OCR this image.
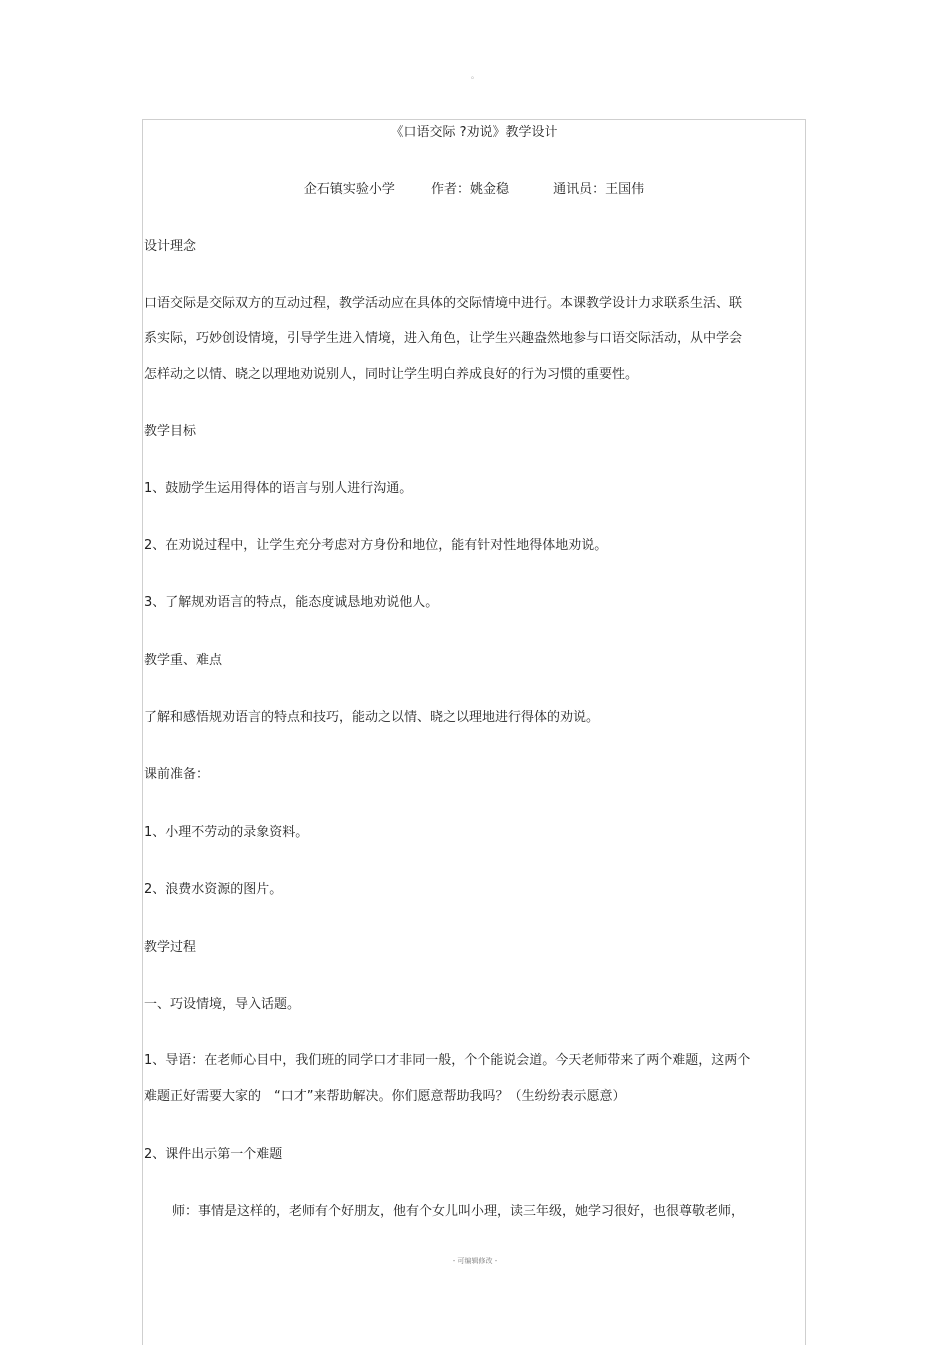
。
《口语交际 ?劝说》教学设计
企石镇实验小学	作者：姚金稳	通讯员：王国伟
设计理念
口语交际是交际双方的互动过程，教学活动应在具体的交际情境中进行。本课教学设计力求联系生活、联
系实际，巧妙创设情境，引导学生进入情境，进入角色，让学生兴趣盎然地参与口语交际活动，从中学会
怎样动之以情、晓之以理地劝说别人，同时让学生明白养成良好的行为习惯的重要性。
教学目标
1、鼓励学生运用得体的语言与别人进行沟通。
2、在劝说过程中，让学生充分考虑对方身份和地位，能有针对性地得体地劝说。
3、了解规劝语言的特点，能态度诚恳地劝说他人。
教学重、难点
了解和感悟规劝语言的特点和技巧，能动之以情、晓之以理地进行得体的劝说。
课前准备：
1、小理不劳动的录象资料。
2、浪费水资源的图片。
教学过程
一、巧设情境，导入话题。
1、导语：在老师心目中，我们班的同学口才非同一般，个个能说会道。今天老师带来了两个难题，这两个
难题正好需要大家的　“口才”来帮助解决。你们愿意帮助我吗？（生纷纷表示愿意）
2、课件出示第一个难题
师：事情是这样的，老师有个好朋友，他有个女儿叫小理，读三年级，她学习很好，也很尊敬老师，
- 可编辑修改 -
